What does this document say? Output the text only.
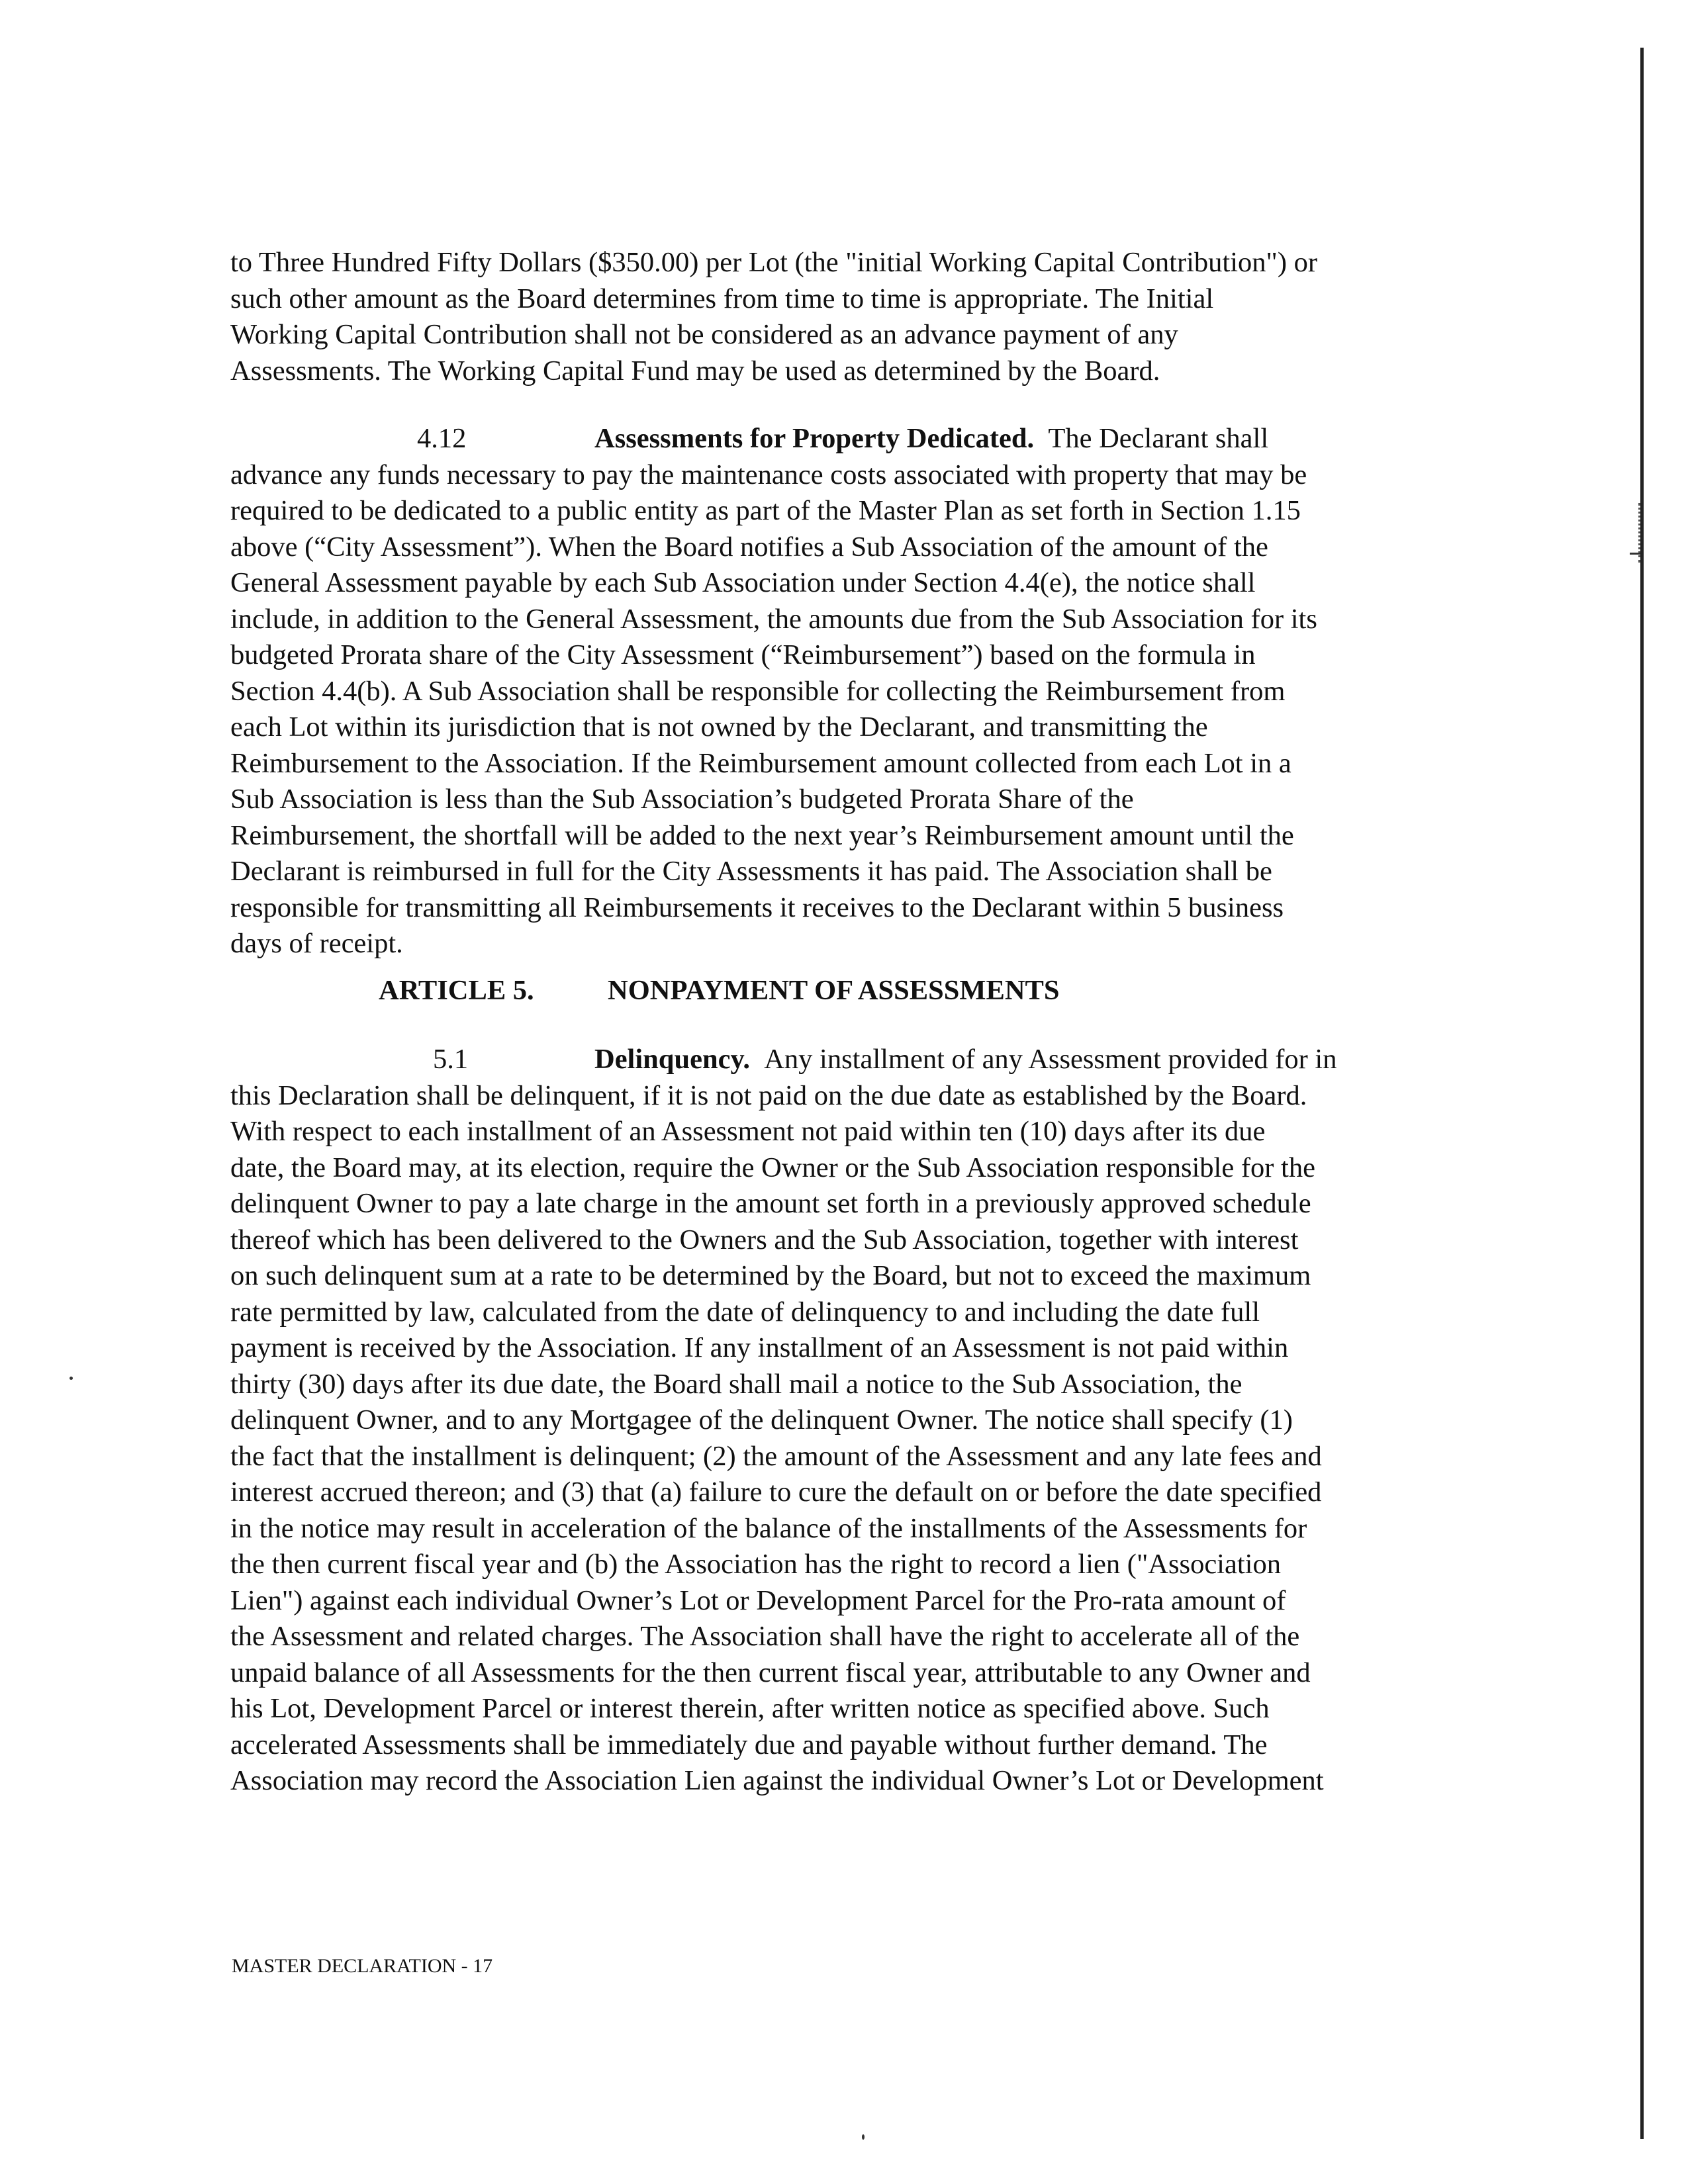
to Three Hundred Fifty Dollars ($350.00) per Lot (the "initial Working Capital Contribution") or
such other amount as the Board determines from time to time is appropriate. The Initial
Working Capital Contribution shall not be considered as an advance payment of any
Assessments. The Working Capital Fund may be used as determined by the Board.
4.12	Assessments for Property Dedicated. The Declarant shall
advance any funds necessary to pay the maintenance costs associated with property that may be
required to be dedicated to a public entity as part of the Master Plan as set forth in Section 1.15
above (“City Assessment”). When the Board notifies a Sub Association of the amount of the
General Assessment payable by each Sub Association under Section 4.4(e), the notice shall
include, in addition to the General Assessment, the amounts due from the Sub Association for its
budgeted Prorata share of the City Assessment (“Reimbursement”) based on the formula in
Section 4.4(b). A Sub Association shall be responsible for collecting the Reimbursement from
each Lot within its jurisdiction that is not owned by the Declarant, and transmitting the
Reimbursement to the Association. If the Reimbursement amount collected from each Lot in a
Sub Association is less than the Sub Association’s budgeted Prorata Share of the
Reimbursement, the shortfall will be added to the next year’s Reimbursement amount until the
Declarant is reimbursed in full for the City Assessments it has paid. The Association shall be
responsible for transmitting all Reimbursements it receives to the Declarant within 5 business
days of receipt.
ARTICLE 5.	NONPAYMENT OF ASSESSMENTS
5.1	Delinquency. Any installment of any Assessment provided for in
this Declaration shall be delinquent, if it is not paid on the due date as established by the Board.
With respect to each installment of an Assessment not paid within ten (10) days after its due
date, the Board may, at its election, require the Owner or the Sub Association responsible for the
delinquent Owner to pay a late charge in the amount set forth in a previously approved schedule
thereof which has been delivered to the Owners and the Sub Association, together with interest
on such delinquent sum at a rate to be determined by the Board, but not to exceed the maximum
rate permitted by law, calculated from the date of delinquency to and including the date full
payment is received by the Association. If any installment of an Assessment is not paid within
thirty (30) days after its due date, the Board shall mail a notice to the Sub Association, the
delinquent Owner, and to any Mortgagee of the delinquent Owner. The notice shall specify (1)
the fact that the installment is delinquent; (2) the amount of the Assessment and any late fees and
interest accrued thereon; and (3) that (a) failure to cure the default on or before the date specified
in the notice may result in acceleration of the balance of the installments of the Assessments for
the then current fiscal year and (b) the Association has the right to record a lien ("Association
Lien") against each individual Owner’s Lot or Development Parcel for the Pro-rata amount of
the Assessment and related charges. The Association shall have the right to accelerate all of the
unpaid balance of all Assessments for the then current fiscal year, attributable to any Owner and
his Lot, Development Parcel or interest therein, after written notice as specified above. Such
accelerated Assessments shall be immediately due and payable without further demand. The
Association may record the Association Lien against the individual Owner’s Lot or Development
MASTER DECLARATION - 17
